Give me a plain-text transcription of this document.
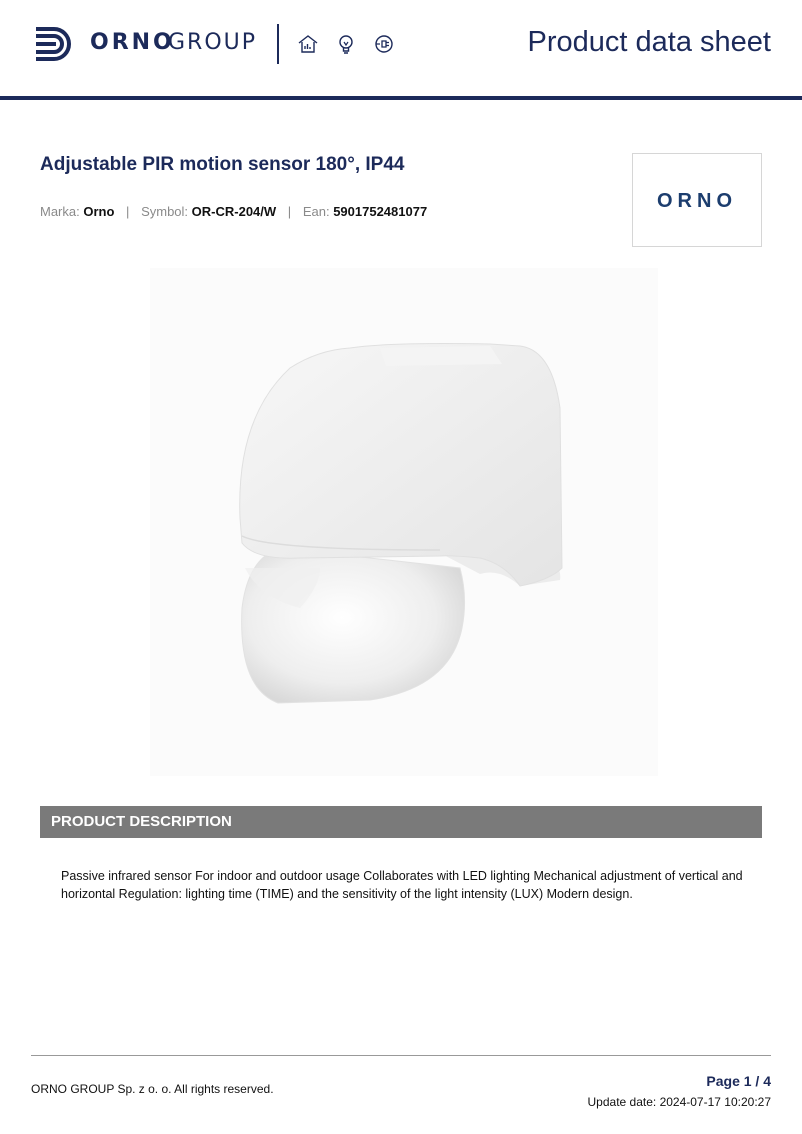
ORNO
GROUP	Product data sheet
Adjustable PIR motion sensor 180°, IP44
Marka: Orno | Symbol: OR-CR-204/W | Ean: 5901752481077	ORNO
PRODUCT DESCRIPTION
Passive infrared sensor For indoor and outdoor usage Collaborates with LED lighting Mechanical adjustment of vertical and horizontal Regulation: lighting time (TIME) and the sensitivity of the light intensity (LUX) Modern design.
ORNO GROUP Sp. z o. o. All rights reserved.	Page 1 / 4
Update date: 2024-07-17 10:20:27
